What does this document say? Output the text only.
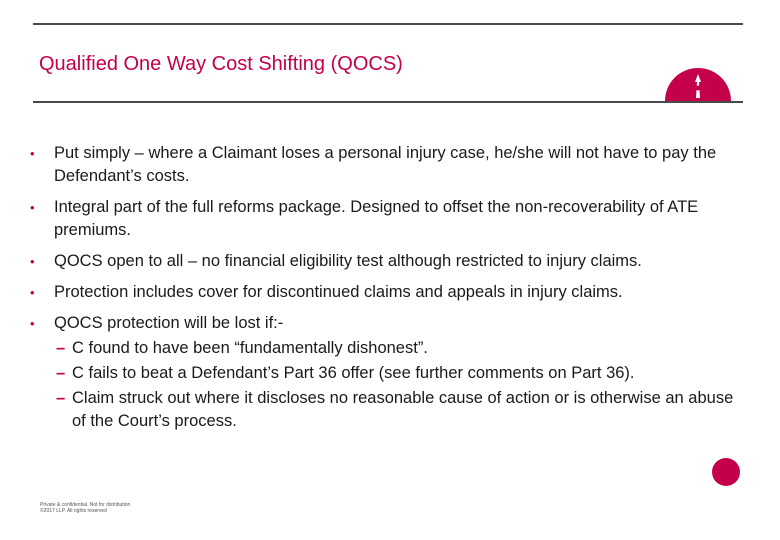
Qualified One Way Cost Shifting (QOCS)
• Put simply – where a Claimant loses a personal injury case, he/she will not have to pay the Defendant’s costs.
• Integral part of the full reforms package. Designed to offset the non-recoverability of ATE premiums.
• QOCS open to all – no financial eligibility test although restricted to injury claims.
• Protection includes cover for discontinued claims and appeals in injury claims.
• QOCS protection will be lost if:-
– C found to have been “fundamentally dishonest”.
– C fails to beat a Defendant’s Part 36 offer (see further comments on Part 36).
– Claim struck out where it discloses no reasonable cause of action or is otherwise an abuse of the Court’s process.
Private & confidential. Not for distribution
©2017 LLP. All rights reserved
